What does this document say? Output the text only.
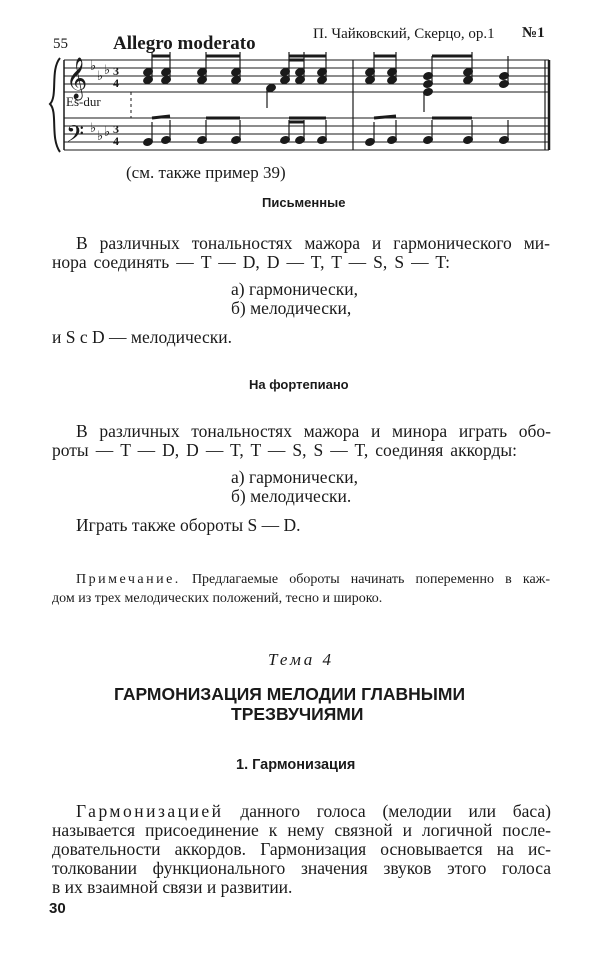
55 Allegro moderato	П. Чайковский, Скерцо, ор.1 №1
𝄞
𝄢
♭
♭ ♭
♭
♭ ♭
3
4
3
4
Es-dur
(см. также пример 39)
Письменные
В различных тональностях мажора и гармонического ми-
нора соединять — T — D, D — T, T — S, S — T:
а) гармонически,
б) мелодически,
и S с D — мелодически.
На фортепиано
В различных тональностях мажора и минора играть обо-
роты — T — D, D — T, T — S, S — T, соединяя аккорды:
а) гармонически,
б) мелодически.
Играть также обороты S — D.
Примечание. Предлагаемые обороты начинать попеременно в каж-
дом из трех мелодических положений, тесно и широко.
Тема 4
ГАРМОНИЗАЦИЯ МЕЛОДИИ ГЛАВНЫМИ
ТРЕЗВУЧИЯМИ
1. Гармонизация
Гармонизацией данного голоса (мелодии или баса)
называется присоединение к нему связной и логичной после-
довательности аккордов. Гармонизация основывается на ис-
толковании функционального значения звуков этого голоса
в их взаимной связи и развитии.
30
